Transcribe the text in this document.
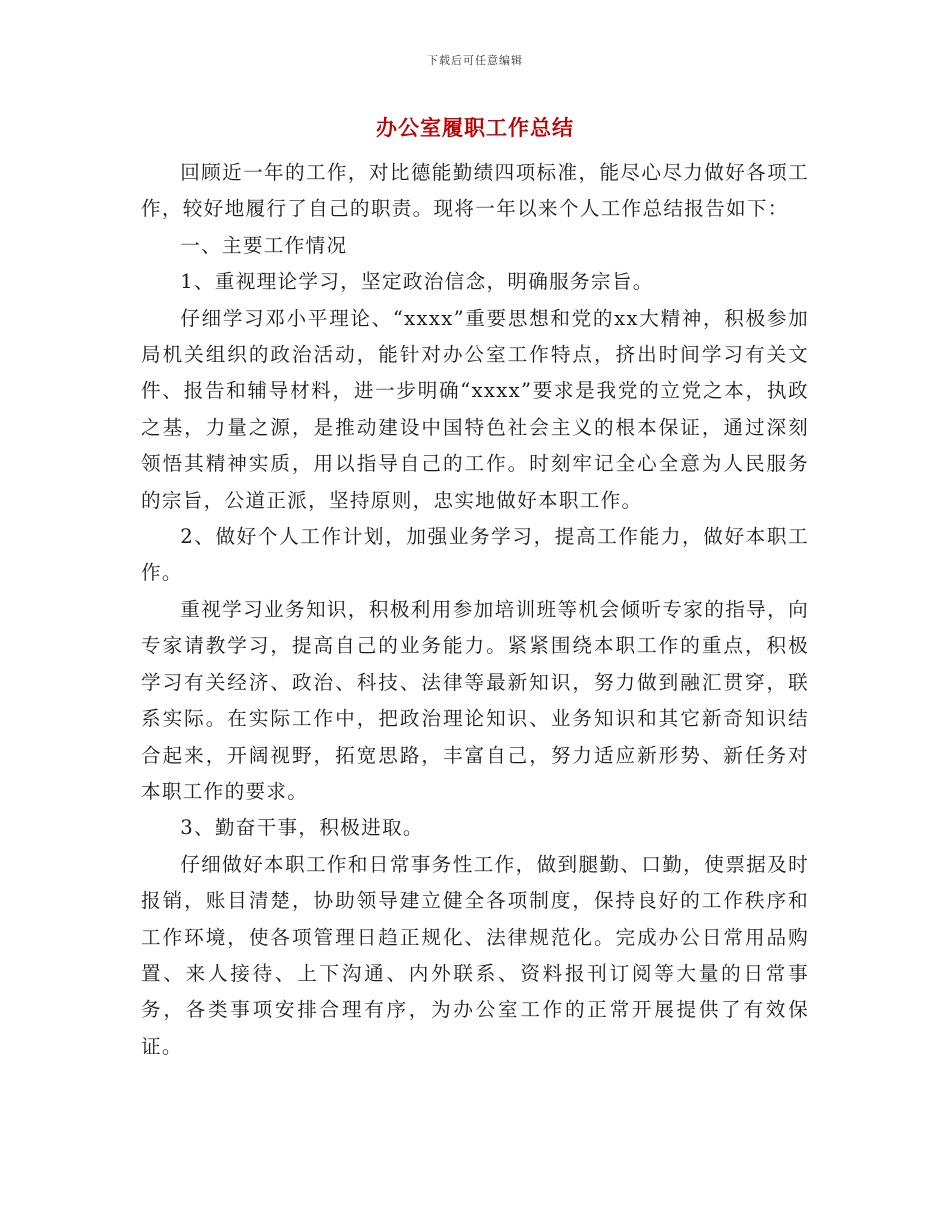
下载后可任意编辑
办公室履职工作总结

回顾近一年的工作，对比德能勤绩四项标准，能尽心尽力做好各项工作，较好地履行了自己的职责。现将一年以来个人工作总结报告如下：

一、主要工作情况

1、重视理论学习，坚定政治信念，明确服务宗旨。

仔细学习邓小平理论、“xxxx”重要思想和党的xx大精神，积极参加局机关组织的政治活动，能针对办公室工作特点，挤出时间学习有关文件、报告和辅导材料，进一步明确“xxxx”要求是我党的立党之本，执政之基，力量之源，是推动建设中国特色社会主义的根本保证，通过深刻领悟其精神实质，用以指导自己的工作。时刻牢记全心全意为人民服务的宗旨，公道正派，坚持原则，忠实地做好本职工作。

2、做好个人工作计划，加强业务学习，提高工作能力，做好本职工作。

重视学习业务知识，积极利用参加培训班等机会倾听专家的指导，向专家请教学习，提高自己的业务能力。紧紧围绕本职工作的重点，积极学习有关经济、政治、科技、法律等最新知识，努力做到融汇贯穿，联系实际。在实际工作中，把政治理论知识、业务知识和其它新奇知识结合起来，开阔视野，拓宽思路，丰富自己，努力适应新形势、新任务对本职工作的要求。

3、勤奋干事，积极进取。

仔细做好本职工作和日常事务性工作，做到腿勤、口勤，使票据及时报销，账目清楚，协助领导建立健全各项制度，保持良好的工作秩序和工作环境，使各项管理日趋正规化、法律规范化。完成办公日常用品购置、来人接待、上下沟通、内外联系、资料报刊订阅等大量的日常事务，各类事项安排合理有序，为办公室工作的正常开展提供了有效保证。
